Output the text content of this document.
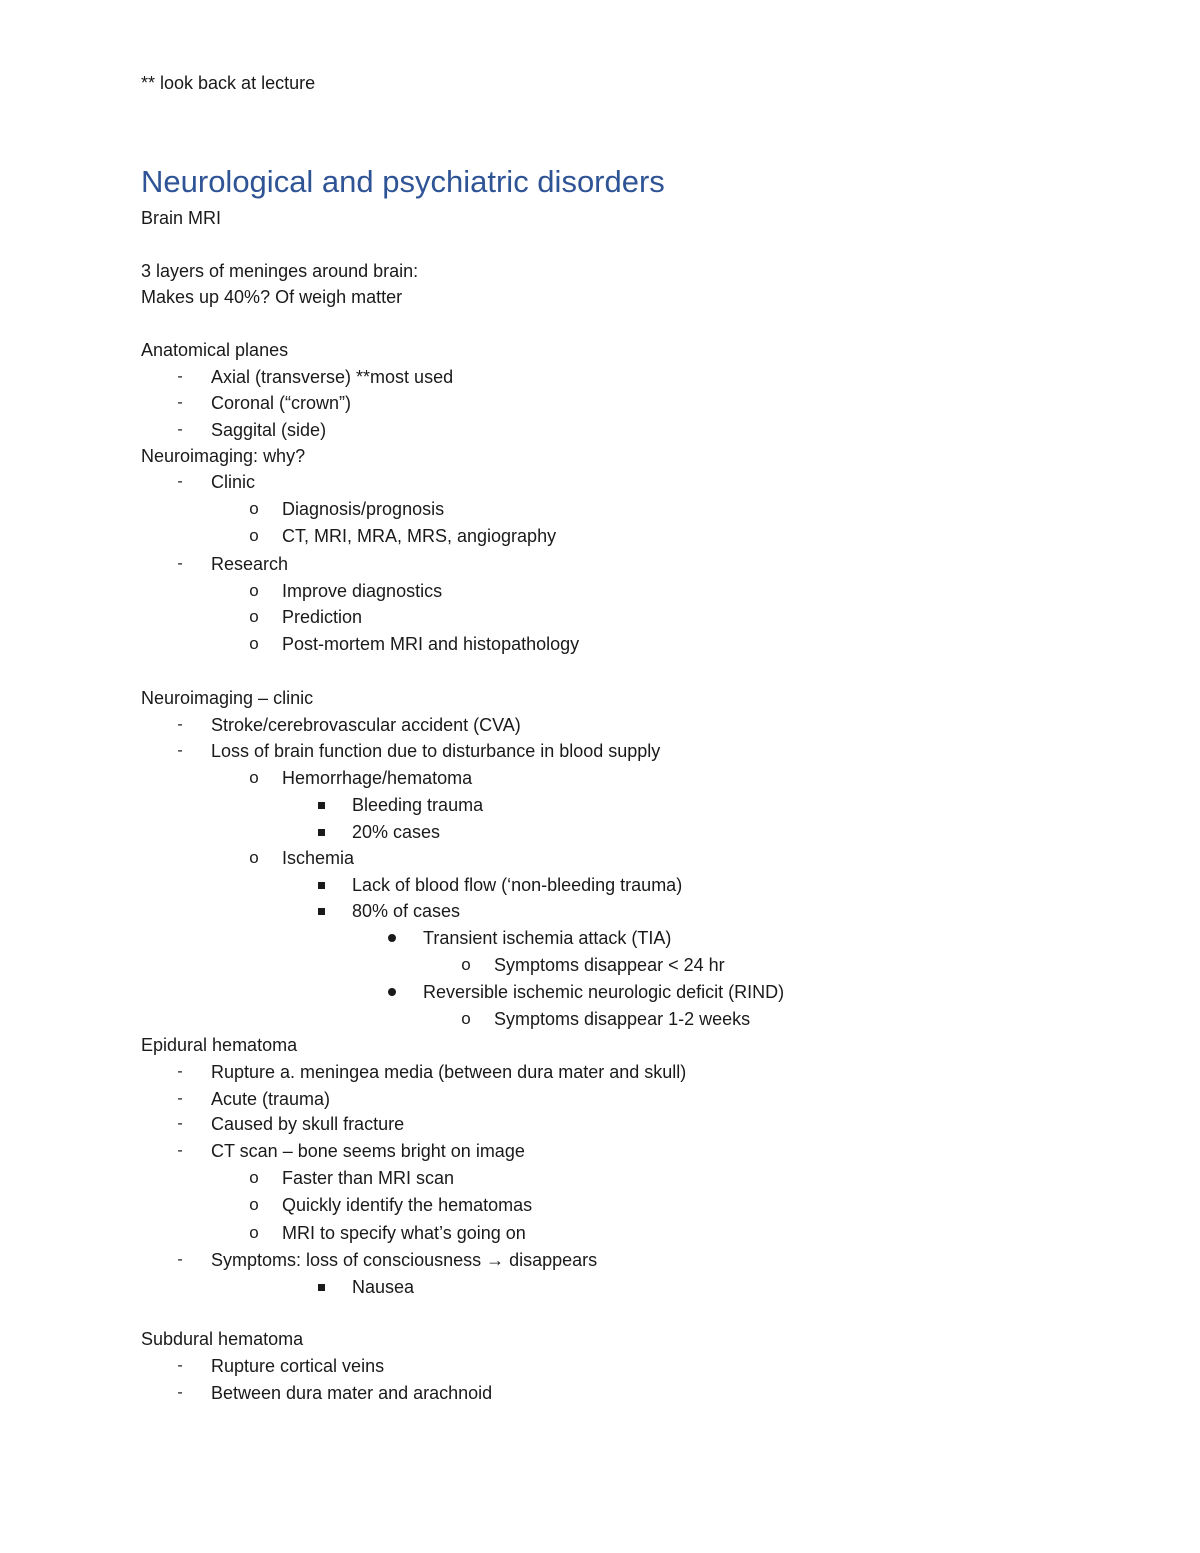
** look back at lecture
Neurological and psychiatric disorders
Brain MRI
3 layers of meninges around brain:
Makes up 40%? Of weigh matter
Anatomical planes
-	Axial (transverse) **most used
-	Coronal (“crown”)
-	Saggital (side)
Neuroimaging: why?
-	Clinic
o	Diagnosis/prognosis
o	CT, MRI, MRA, MRS, angiography
-	Research
o	Improve diagnostics
o	Prediction
o	Post-mortem MRI and histopathology
Neuroimaging – clinic
-	Stroke/cerebrovascular accident (CVA)
-	Loss of brain function due to disturbance in blood supply
o	Hemorrhage/hematoma
Bleeding trauma
20% cases
o	Ischemia
Lack of blood flow (‘non-bleeding trauma)
80% of cases
Transient ischemia attack (TIA)
o	Symptoms disappear < 24 hr
Reversible ischemic neurologic deficit (RIND)
o	Symptoms disappear 1-2 weeks
Epidural hematoma
-	Rupture a. meningea media (between dura mater and skull)
-	Acute (trauma)
-	Caused by skull fracture
-	CT scan – bone seems bright on image
o	Faster than MRI scan
o	Quickly identify the hematomas
o	MRI to specify what’s going on
-	Symptoms: loss of consciousness → disappears
Nausea
Subdural hematoma
-	Rupture cortical veins
-	Between dura mater and arachnoid
